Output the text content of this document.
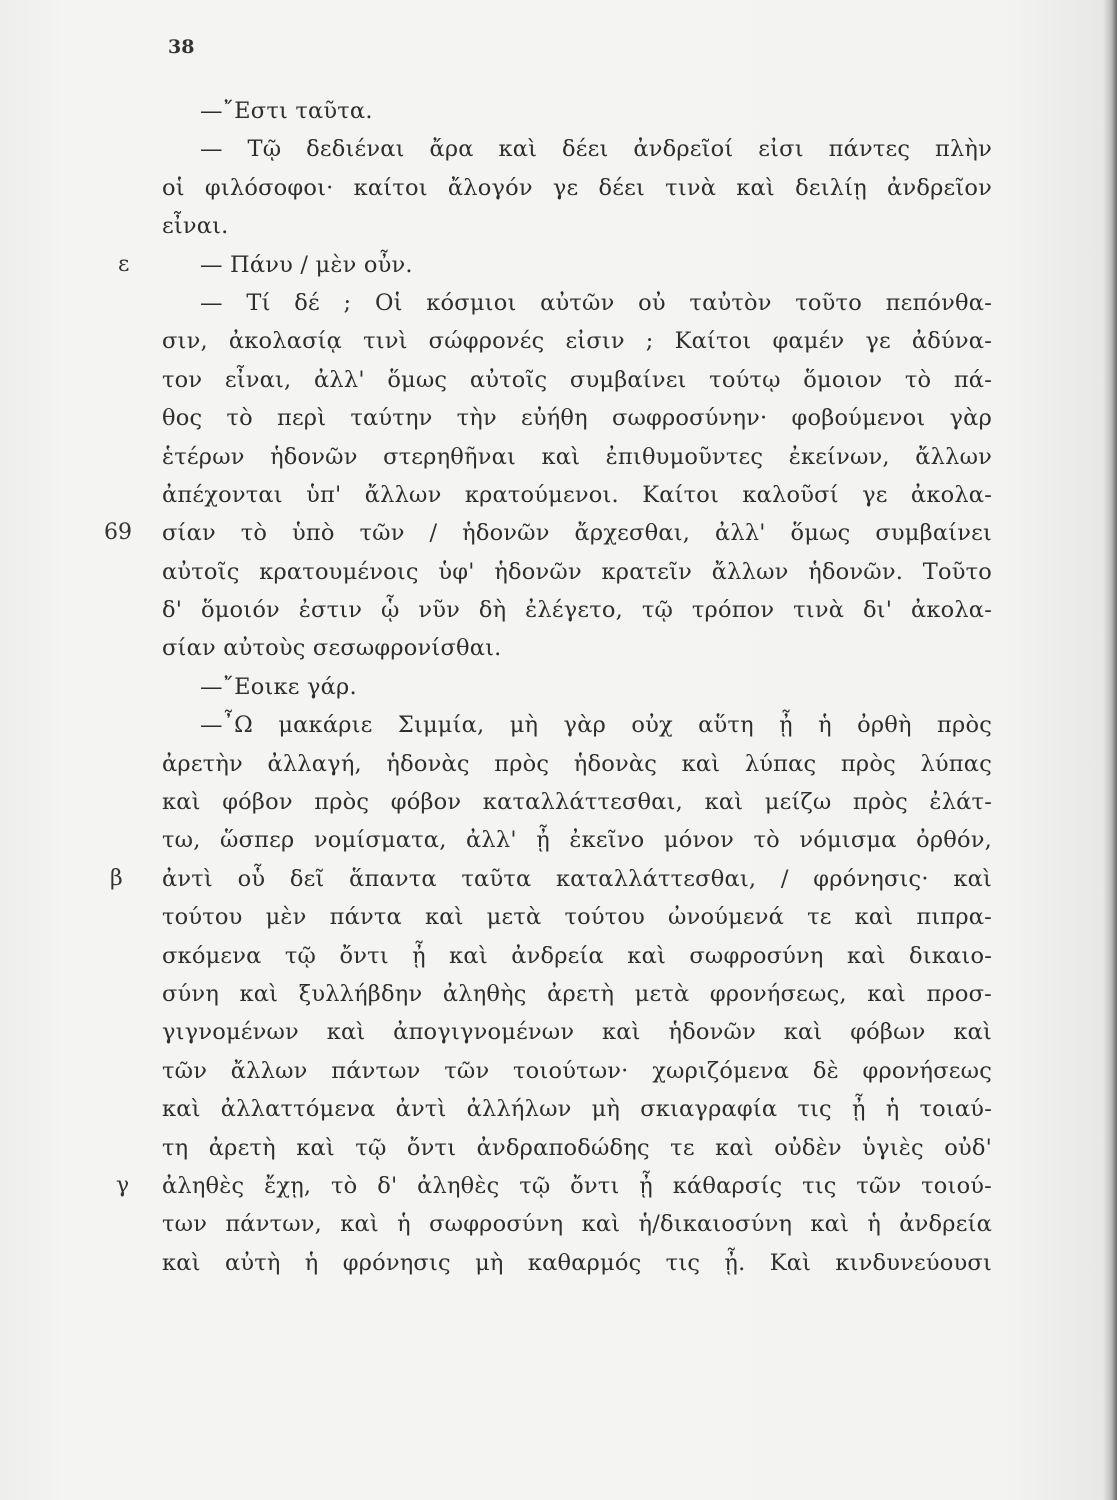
38
—῎Εστι ταῦτα.
— Τῷ δεδιέναι ἄρα καὶ δέει ἀνδρεῖοί εἰσι πάντες πλὴν
οἱ φιλόσοφοι· καίτοι ἄλογόν γε δέει τινὰ καὶ δειλίῃ ἀνδρεῖον
εἶναι.
— Πάνυ / μὲν οὖν.
— Τί δέ ; Οἱ κόσμιοι αὐτῶν οὐ ταὐτὸν τοῦτο πεπόνθα-
σιν, ἀκολασίᾳ τινὶ σώφρονές εἰσιν ; Καίτοι φαμέν γε ἀδύνα-
τον εἶναι, ἀλλ' ὅμως αὐτοῖς συμβαίνει τούτῳ ὅμοιον τὸ πά-
θος τὸ περὶ ταύτην τὴν εὐήθη σωφροσύνην· φοβούμενοι γὰρ
ἑτέρων ἡδονῶν στερηθῆναι καὶ ἐπιθυμοῦντες ἐκείνων, ἄλλων
ἀπέχονται ὑπ' ἄλλων κρατούμενοι. Καίτοι καλοῦσί γε ἀκολα-
σίαν τὸ ὑπὸ τῶν / ἡδονῶν ἄρχεσθαι, ἀλλ' ὅμως συμβαίνει
αὐτοῖς κρατουμένοις ὑφ' ἡδονῶν κρατεῖν ἄλλων ἡδονῶν. Τοῦτο
δ' ὅμοιόν ἐστιν ᾧ νῦν δὴ ἐλέγετο, τῷ τρόπον τινὰ δι' ἀκολα-
σίαν αὐτοὺς σεσωφρονίσθαι.
—῎Εοικε γάρ.
—῏Ω μακάριε Σιμμία, μὴ γὰρ οὐχ αὕτη ᾖ ἡ ὀρθὴ πρὸς
ἀρετὴν ἀλλαγή, ἡδονὰς πρὸς ἡδονὰς καὶ λύπας πρὸς λύπας
καὶ φόβον πρὸς φόβον καταλλάττεσθαι, καὶ μείζω πρὸς ἐλάτ-
τω, ὥσπερ νομίσματα, ἀλλ' ᾖ ἐκεῖνο μόνον τὸ νόμισμα ὀρθόν,
ἀντὶ οὗ δεῖ ἅπαντα ταῦτα καταλλάττεσθαι, / φρόνησις· καὶ
τούτου μὲν πάντα καὶ μετὰ τούτου ὠνούμενά τε καὶ πιπρα-
σκόμενα τῷ ὄντι ᾖ καὶ ἀνδρεία καὶ σωφροσύνη καὶ δικαιο-
σύνη καὶ ξυλλήβδην ἀληθὴς ἀρετὴ μετὰ φρονήσεως, καὶ προσ-
γιγνομένων καὶ ἀπογιγνομένων καὶ ἡδονῶν καὶ φόβων καὶ
τῶν ἄλλων πάντων τῶν τοιούτων· χωριζόμενα δὲ φρονήσεως
καὶ ἀλλαττόμενα ἀντὶ ἀλλήλων μὴ σκιαγραφία τις ᾖ ἡ τοιαύ-
τη ἀρετὴ καὶ τῷ ὄντι ἀνδραποδώδης τε καὶ οὐδὲν ὑγιὲς οὐδ'
ἀληθὲς ἔχῃ, τὸ δ' ἀληθὲς τῷ ὄντι ᾖ κάθαρσίς τις τῶν τοιού-
των πάντων, καὶ ἡ σωφροσύνη καὶ ἡ/δικαιοσύνη καὶ ἡ ἀνδρεία
καὶ αὐτὴ ἡ φρόνησις μὴ καθαρμός τις ᾖ. Καὶ κινδυνεύουσι
ε
69
β
γ
